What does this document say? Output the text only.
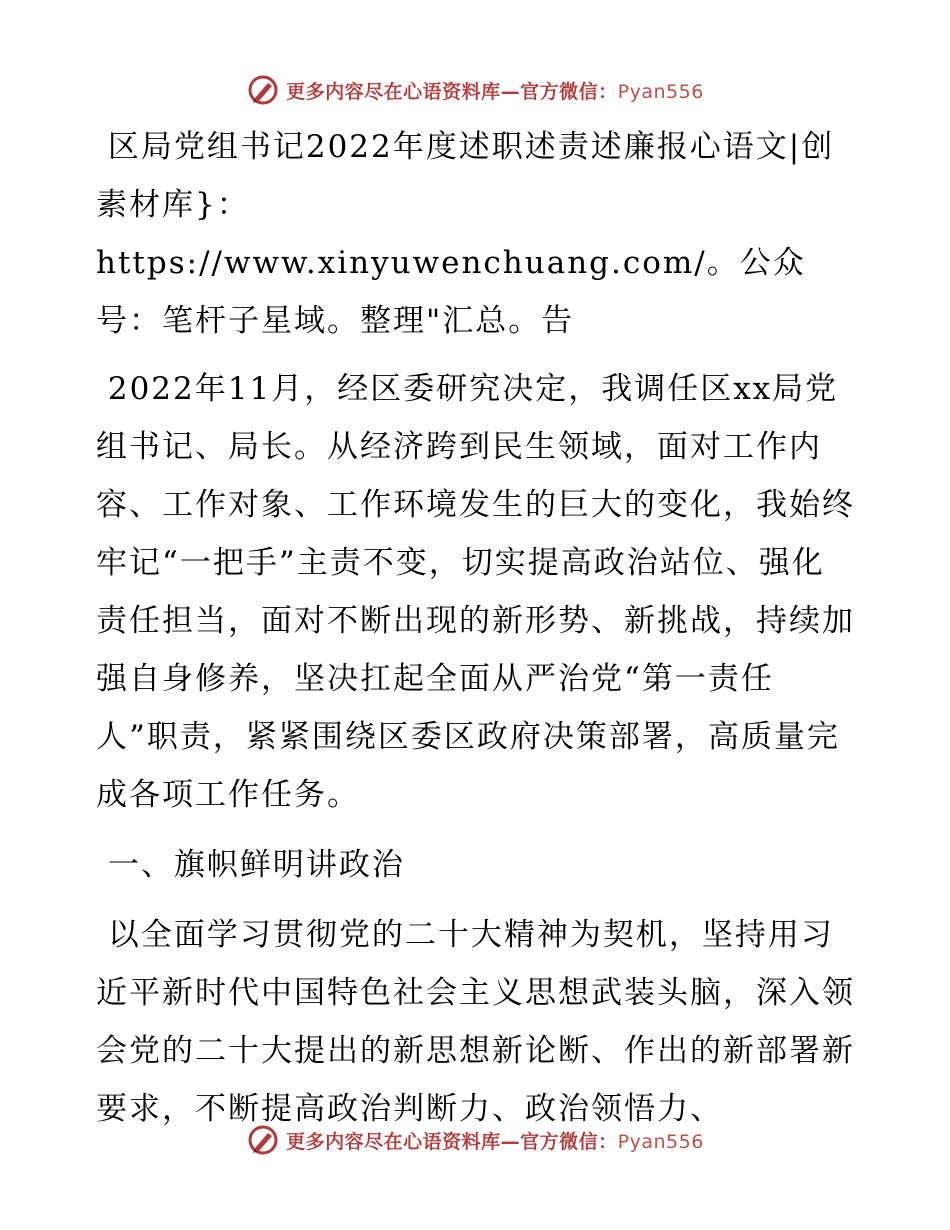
更多内容尽在心语资料库—官方微信：Pyan556

区局党组书记2022年度述职述责述廉报心语文|创素材库}：https://www.xinyuwenchuang.com/。公众号：笔杆子星域。整理"汇总。告

2022年11月，经区委研究决定，我调任区xx局党组书记、局长。从经济跨到民生领域，面对工作内容、工作对象、工作环境发生的巨大的变化，我始终牢记“一把手”主责不变，切实提高政治站位、强化责任担当，面对不断出现的新形势、新挑战，持续加强自身修养，坚决扛起全面从严治党“第一责任人”职责，紧紧围绕区委区政府决策部署，高质量完成各项工作任务。

一、旗帜鲜明讲政治

以全面学习贯彻党的二十大精神为契机，坚持用习近平新时代中国特色社会主义思想武装头脑，深入领会党的二十大提出的新思想新论断、作出的新部署新要求，不断提高政治判断力、政治领悟力、

更多内容尽在心语资料库—官方微信：Pyan556
